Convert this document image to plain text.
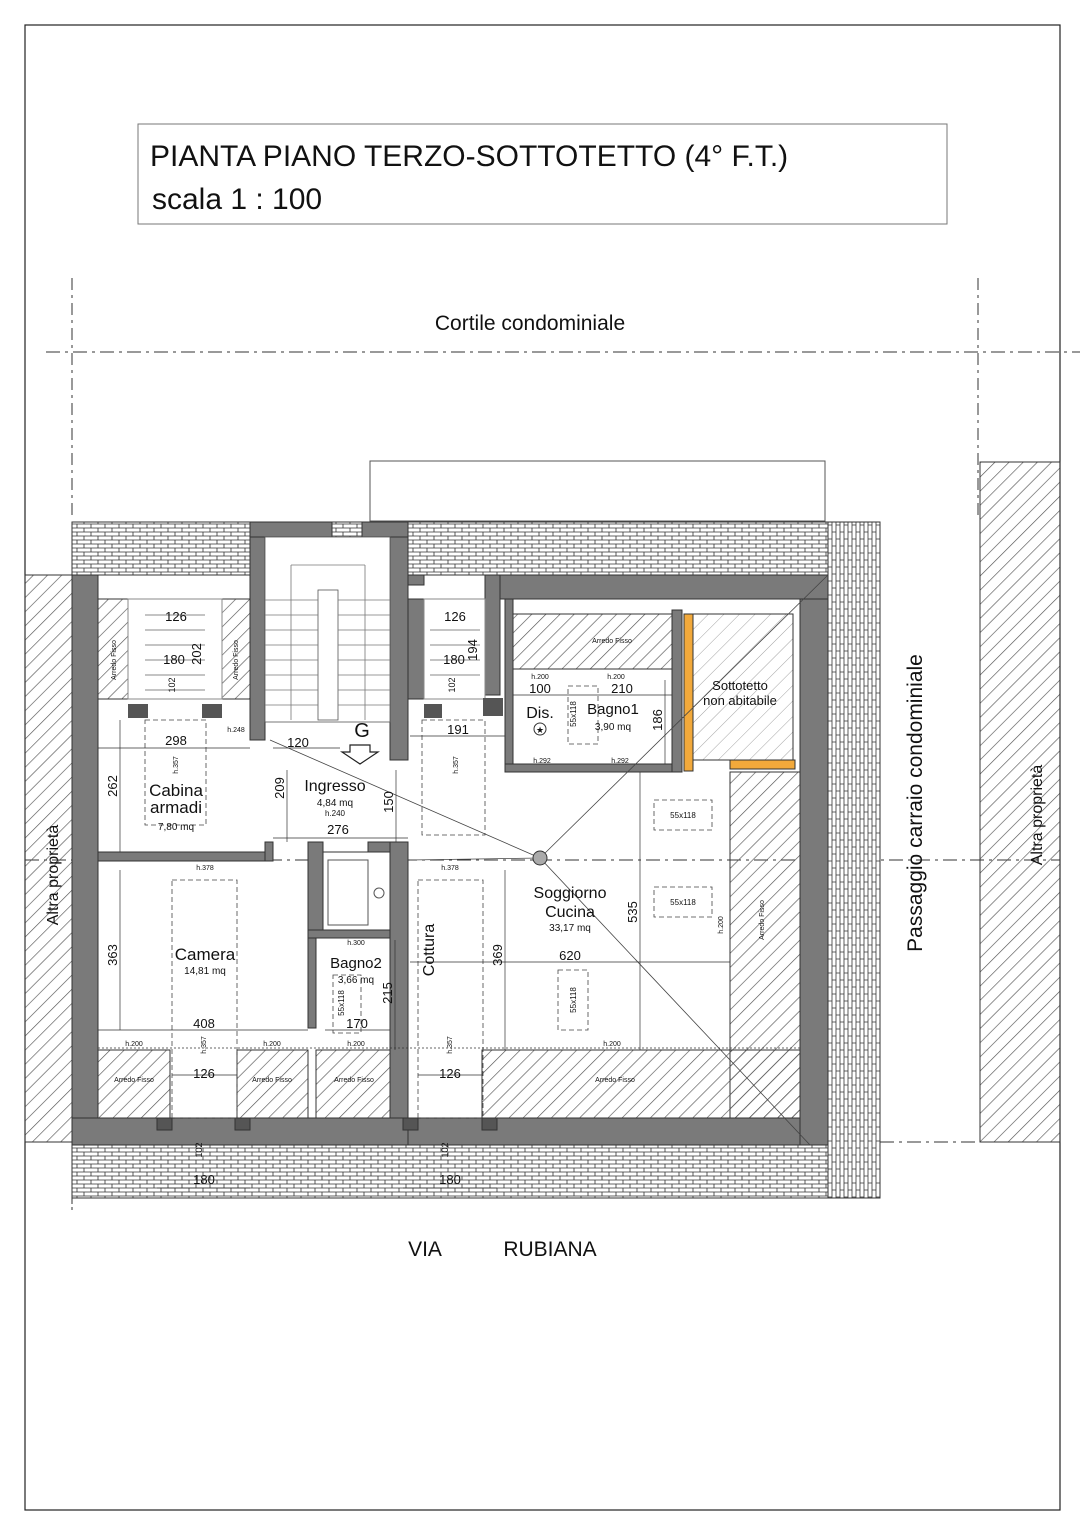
PIANTA PIANO TERZO-SOTTOTETTO (4° F.T.)
scala 1 : 100
Cortile condominiale
Altra proprietà
Altra proprietà
Passaggio carraio condominiale
Arredo Fisso	Arredo Fisso
126
180 202
102
126
180 194
102
Arredo Fisso
Arredo Fisso	Arredo Fisso	Arredo Fisso	Arredo Fisso
Arredo Fisso
55x118
55x118
55x118
55x118
55x118
G
Cabina
armadi
7,80 mq
Ingresso
4,84 mq
h.240
Dis.
★
Bagno1
3,90 mq
Sottotetto
non abitabile
Camera
14,81 mq	Bagno2
3,66 mq
Cottura
Soggiorno
Cucina
33,17 mq
298	120
262	209
150
276
191
100	210
186
363
408	170
215
369	620
535
126	126
180	180
102	102
h.357
h.248
h.357
h.200	h.200
h.292	h.292
h.378	h.378
h.300
h.200
h.200	h.200	h.200	h.200
h.357	h.357
VIA	RUBIANA
